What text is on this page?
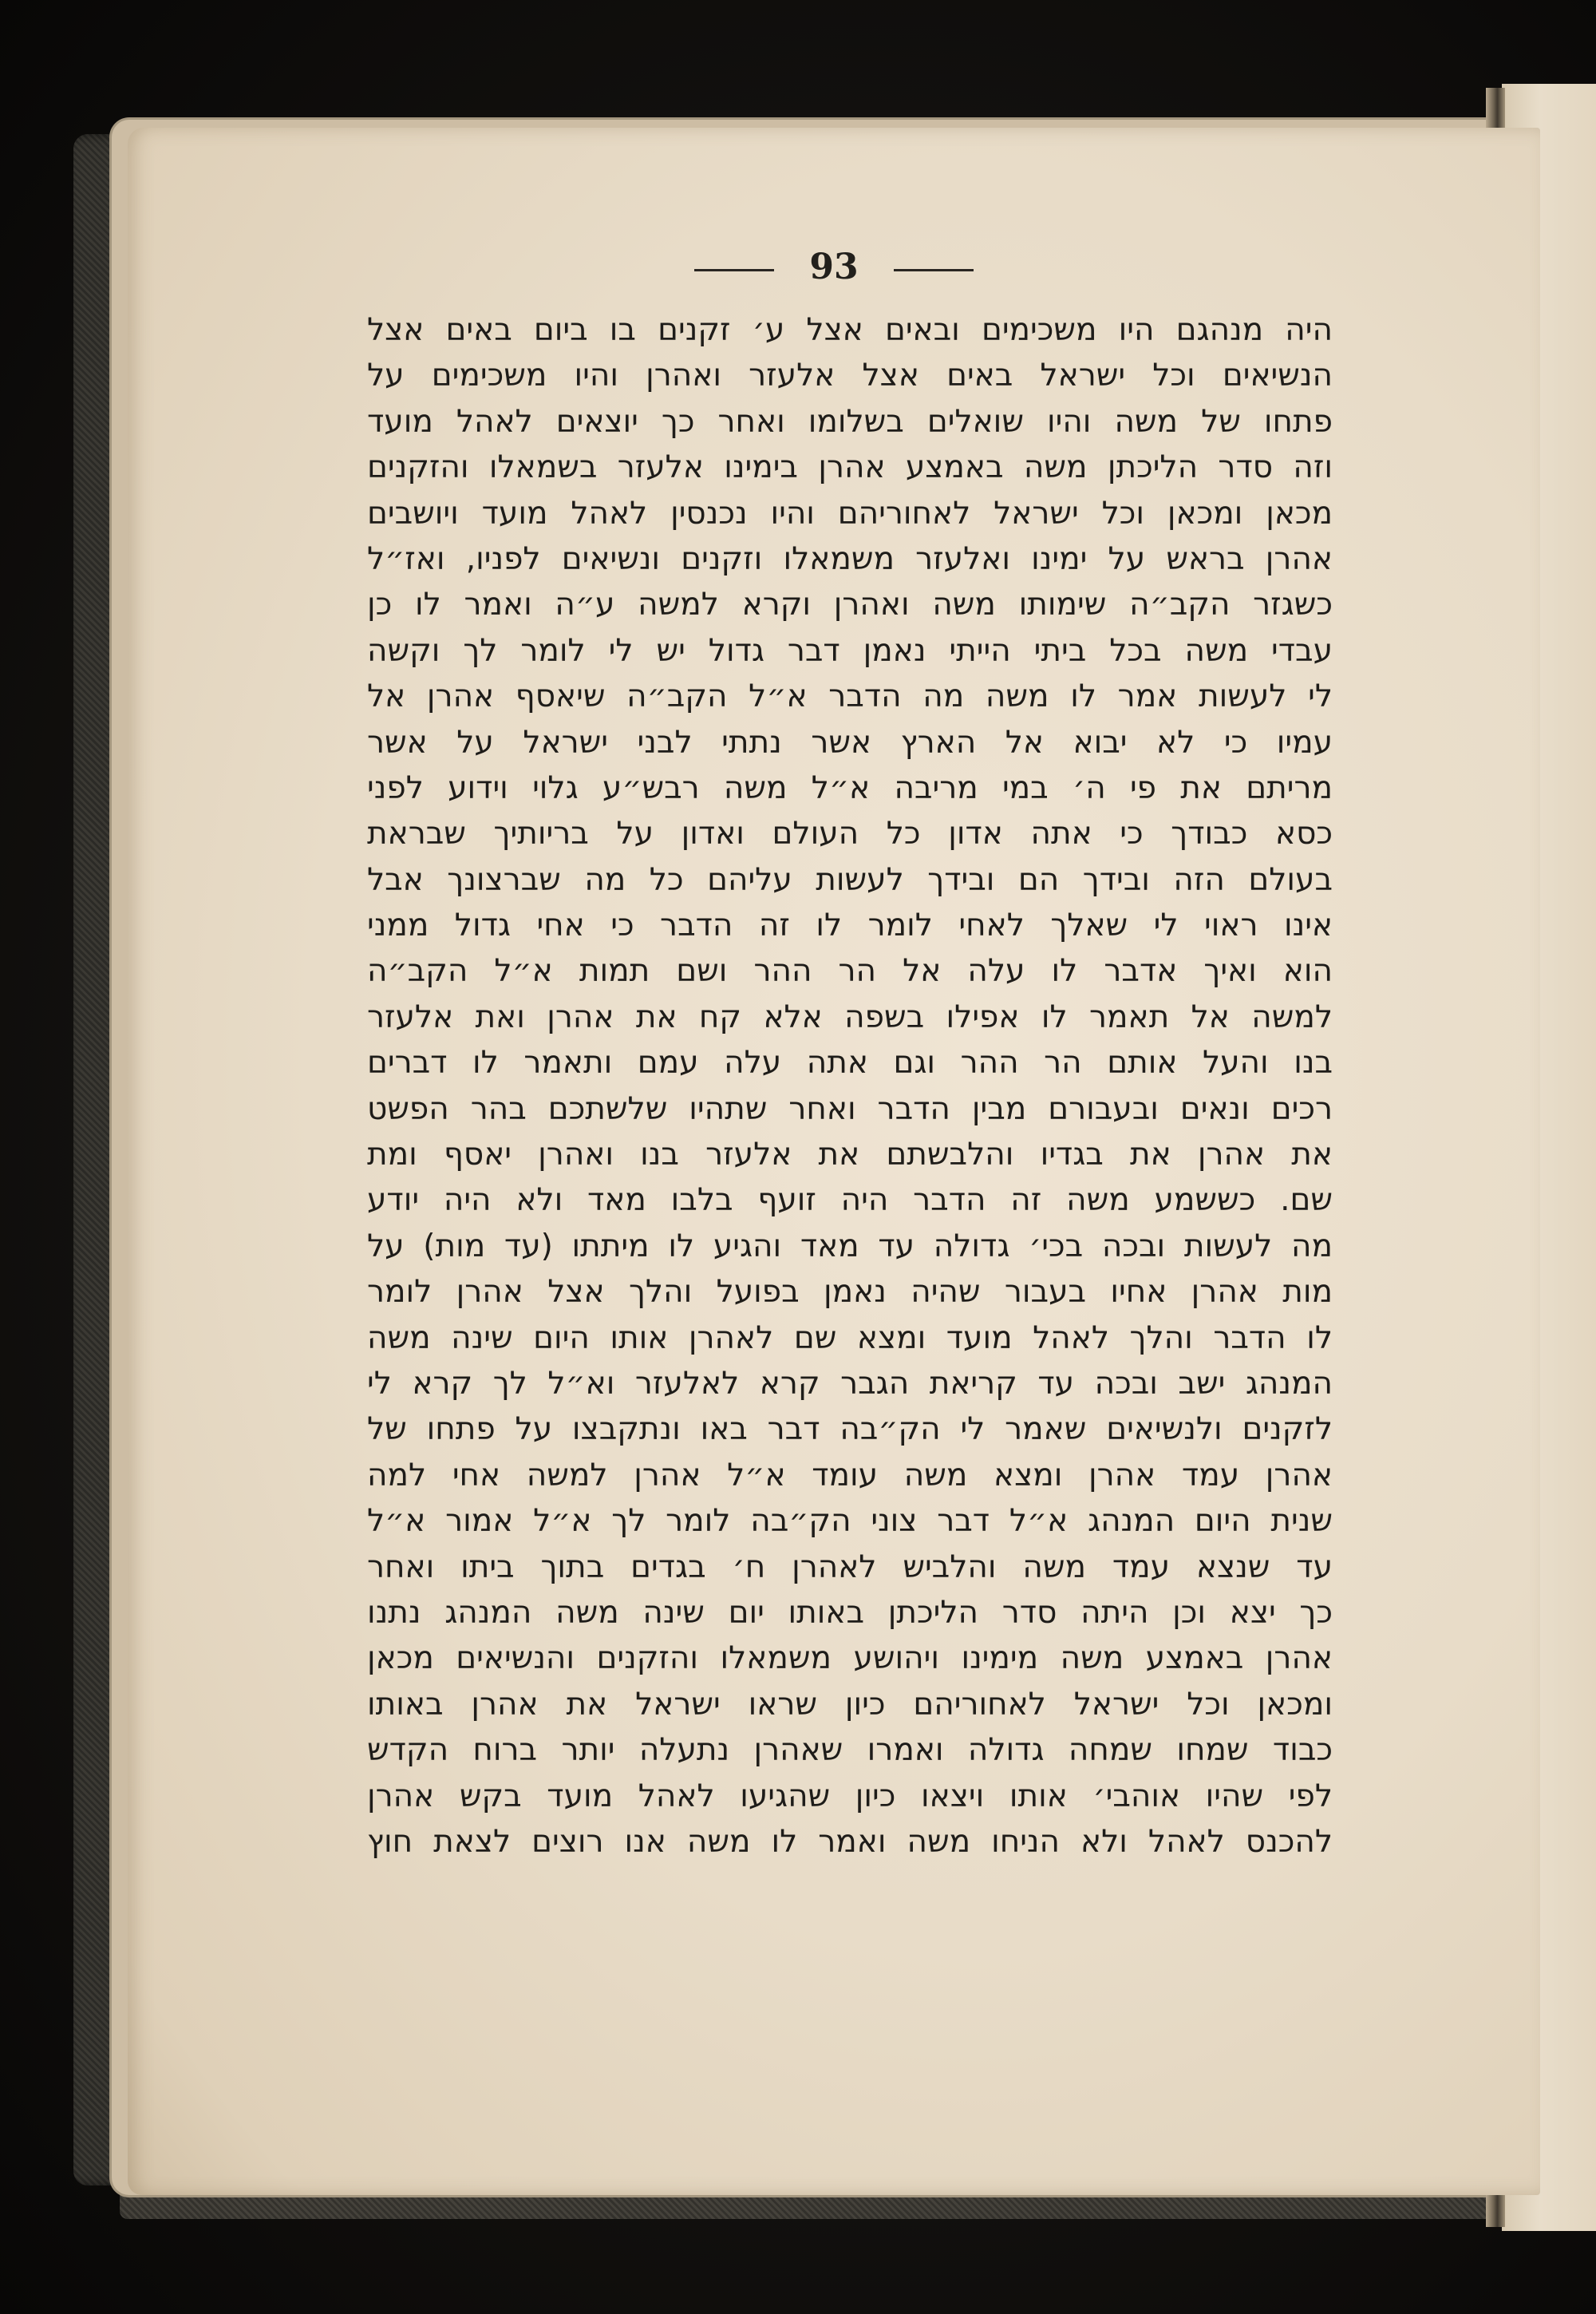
93
היה מנהגם היו משכימים ובאים אצל ע׳ זקנים בו ביום באים אצל
הנשיאים וכל ישראל באים אצל אלעזר ואהרן והיו משכימים על
פתחו של משה והיו שואלים בשלומו ואחר כך יוצאים לאהל מועד
וזה סדר הליכתן משה באמצע אהרן בימינו אלעזר בשמאלו והזקנים
מכאן ומכאן וכל ישראל לאחוריהם והיו נכנסין לאהל מועד ויושבים
אהרן בראש על ימינו ואלעזר משמאלו וזקנים ונשיאים לפניו, ואז״ל
כשגזר הקב״ה שימותו משה ואהרן וקרא למשה ע״ה ואמר לו כן
עבדי משה בכל ביתי הייתי נאמן דבר גדול יש לי לומר לך וקשה
לי לעשות אמר לו משה מה הדבר א״ל הקב״ה שיאסף אהרן אל
עמיו כי לא יבוא אל הארץ אשר נתתי לבני ישראל על אשר
מריתם את פי ה׳ במי מריבה א״ל משה רבש״ע גלוי וידוע לפני
כסא כבודך כי אתה אדון כל העולם ואדון על בריותיך שבראת
בעולם הזה ובידך הם ובידך לעשות עליהם כל מה שברצונך אבל
אינו ראוי לי שאלך לאחי לומר לו זה הדבר כי אחי גדול ממני
הוא ואיך אדבר לו עלה אל הר ההר ושם תמות א״ל הקב״ה
למשה אל תאמר לו אפילו בשפה אלא קח את אהרן ואת אלעזר
בנו והעל אותם הר ההר וגם אתה עלה עמם ותאמר לו דברים
רכים ונאים ובעבורם מבין הדבר ואחר שתהיו שלשתכם בהר הפשט
את אהרן את בגדיו והלבשתם את אלעזר בנו ואהרן יאסף ומת
שם. כששמע משה זה הדבר היה זועף בלבו מאד ולא היה יודע
מה לעשות ובכה בכי׳ גדולה עד מאד והגיע לו מיתתו (עד מות) על
מות אהרן אחיו בעבור שהיה נאמן בפועל והלך אצל אהרן לומר
לו הדבר והלך לאהל מועד ומצא שם לאהרן אותו היום שינה משה
המנהג ישב ובכה עד קריאת הגבר קרא לאלעזר וא״ל לך קרא לי
לזקנים ולנשיאים שאמר לי הק״בה דבר באו ונתקבצו על פתחו של
אהרן עמד אהרן ומצא משה עומד א״ל אהרן למשה אחי למה
שנית היום המנהג א״ל דבר צוני הק״בה לומר לך א״ל אמור א״ל
עד שנצא עמד משה והלביש לאהרן ח׳ בגדים בתוך ביתו ואחר
כך יצא וכן היתה סדר הליכתן באותו יום שינה משה המנהג נתנו
אהרן באמצע משה מימינו ויהושע משמאלו והזקנים והנשיאים מכאן
ומכאן וכל ישראל לאחוריהם כיון שראו ישראל את אהרן באותו
כבוד שמחו שמחה גדולה ואמרו שאהרן נתעלה יותר ברוח הקדש
לפי שהיו אוהבי׳ אותו ויצאו כיון שהגיעו לאהל מועד בקש אהרן
להכנס לאהל ולא הניחו משה ואמר לו משה אנו רוצים לצאת חוץ
